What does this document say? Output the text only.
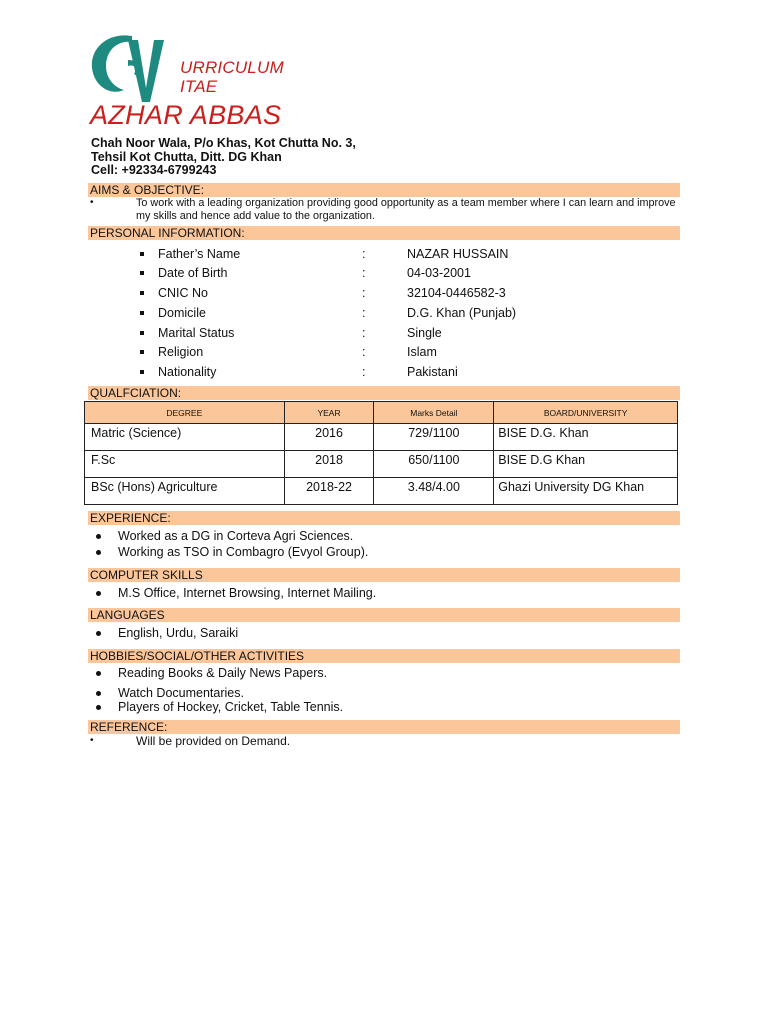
URRICULUM
ITAE
AZHAR ABBAS
Chah Noor Wala, P/o Khas, Kot Chutta No. 3,
Tehsil Kot Chutta, Ditt. DG Khan
Cell: +92334-6799243
AIMS & OBJECTIVE:
•	To work with a leading organization providing good opportunity as a team member where I can learn and improve my skills and hence add value to the organization.
PERSONAL INFORMATION:
Father’s Name	:	NAZAR HUSSAIN
Date of Birth	:	04-03-2001
CNIC No	:	32104-0446582-3
Domicile	:	D.G. Khan (Punjab)
Marital Status	:	Single
Religion	:	Islam
Nationality	:	Pakistani
QUALFCIATION:
DEGREE	YEAR	Marks Detail	BOARD/UNIVERSITY
Matric (Science)	2016	729/1100	BISE D.G. Khan
F.Sc	2018	650/1100	BISE D.G Khan
BSc (Hons) Agriculture	2018-22	3.48/4.00	Ghazi University DG Khan
EXPERIENCE:
Worked as a DG in Corteva Agri Sciences.
Working as TSO in Combagro (Evyol Group).
COMPUTER SKILLS
M.S Office, Internet Browsing, Internet Mailing.
LANGUAGES
English, Urdu, Saraiki
HOBBIES/SOCIAL/OTHER ACTIVITIES
Reading Books & Daily News Papers.
Watch Documentaries.
Players of Hockey, Cricket, Table Tennis.
REFERENCE:
•	Will be provided on Demand.
